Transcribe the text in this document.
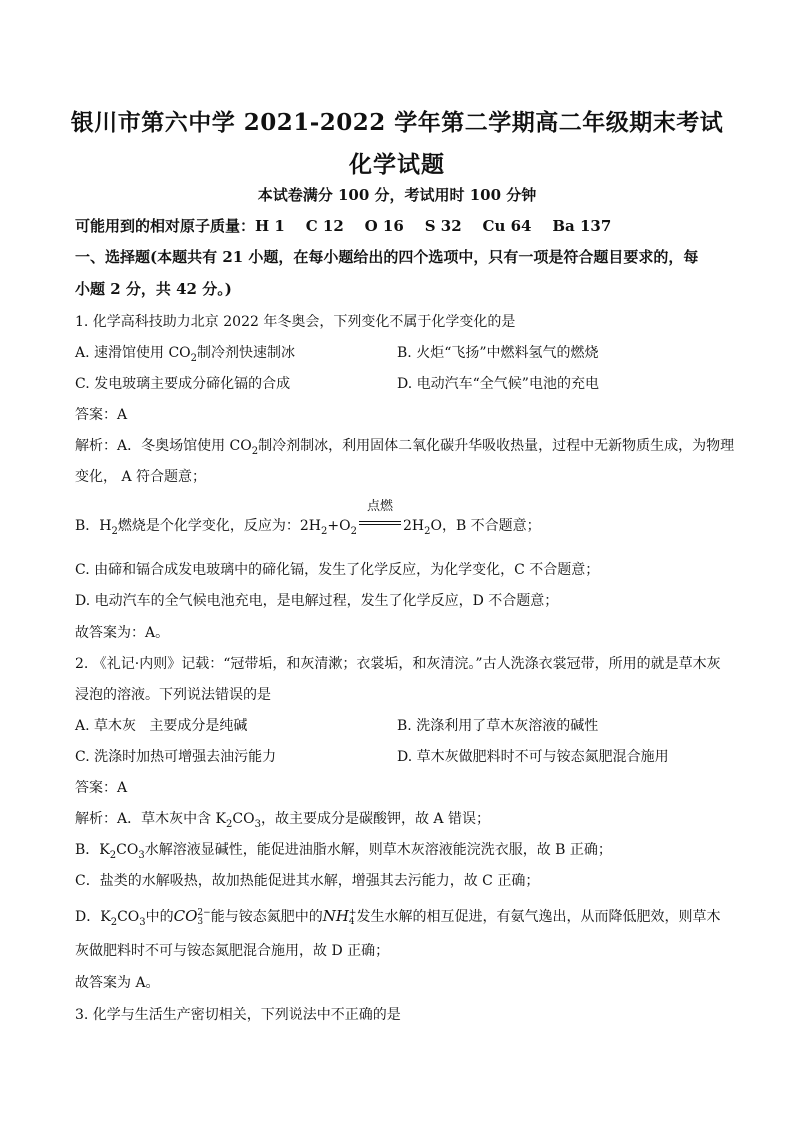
银川市第六中学 2021-2022 学年第二学期高二年级期末考试
化学试题
本试卷满分 100 分，考试用时 100 分钟
可能用到的相对原子质量：H 1    C 12    O 16    S 32    Cu 64    Ba 137
一、选择题(本题共有 21 小题，在每小题给出的四个选项中，只有一项是符合题目要求的，每
小题 2 分，共 42 分。)
1. 化学高科技助力北京 2022 年冬奥会，下列变化不属于化学变化的是
A. 速滑馆使用 $CO_2$制冷剂快速制冰	B. 火炬“飞扬”中燃料氢气的燃烧
C. 发电玻璃主要成分碲化镉的合成	D. 电动汽车“全气候”电池的充电
答案：A
解析：A．冬奥场馆使用 $CO_2$制冷剂制冰，利用固体二氧化碳升华吸收热量，过程中无新物质生成，为物理
变化， A 符合题意；
B．$H_2$燃烧是个化学变化，反应为：$2H_2+O_2$
点燃
$2H_2O$，B 不合题意；
C. 由碲和镉合成发电玻璃中的碲化镉，发生了化学反应，为化学变化，C 不合题意；
D. 电动汽车的全气候电池充电，是电解过程，发生了化学反应，D 不合题意；
故答案为：A。
2. 《礼记·内则》记载：“冠带垢，和灰清漱；衣裳垢，和灰清浣。”古人洗涤衣裳冠带，所用的就是草木灰
浸泡的溶液。下列说法错误的是
A. 草木灰   主要成分是纯碱	B. 洗涤利用了草木灰溶液的碱性
C. 洗涤时加热可增强去油污能力	D. 草木灰做肥料时不可与铵态氮肥混合施用
答案：A
解析：A．草木灰中含 $K_2CO_3$，故主要成分是碳酸钾，故 A 错误；
B．$K_2CO_3$水解溶液显碱性，能促进油脂水解，则草木灰溶液能浣洗衣服，故 B 正确；
C．盐类的水解吸热，故加热能促进其水解，增强其去污能力，故 C 正确；
D．$K_2CO_3$中的CO 2−
3 能与铵态氮肥中的NH +
4 发生水解的相互促进，有氨气逸出，从而降低肥效，则草木
灰做肥料时不可与铵态氮肥混合施用，故 D 正确；
故答案为 A。
3. 化学与生活生产密切相关，下列说法中不正确的是
